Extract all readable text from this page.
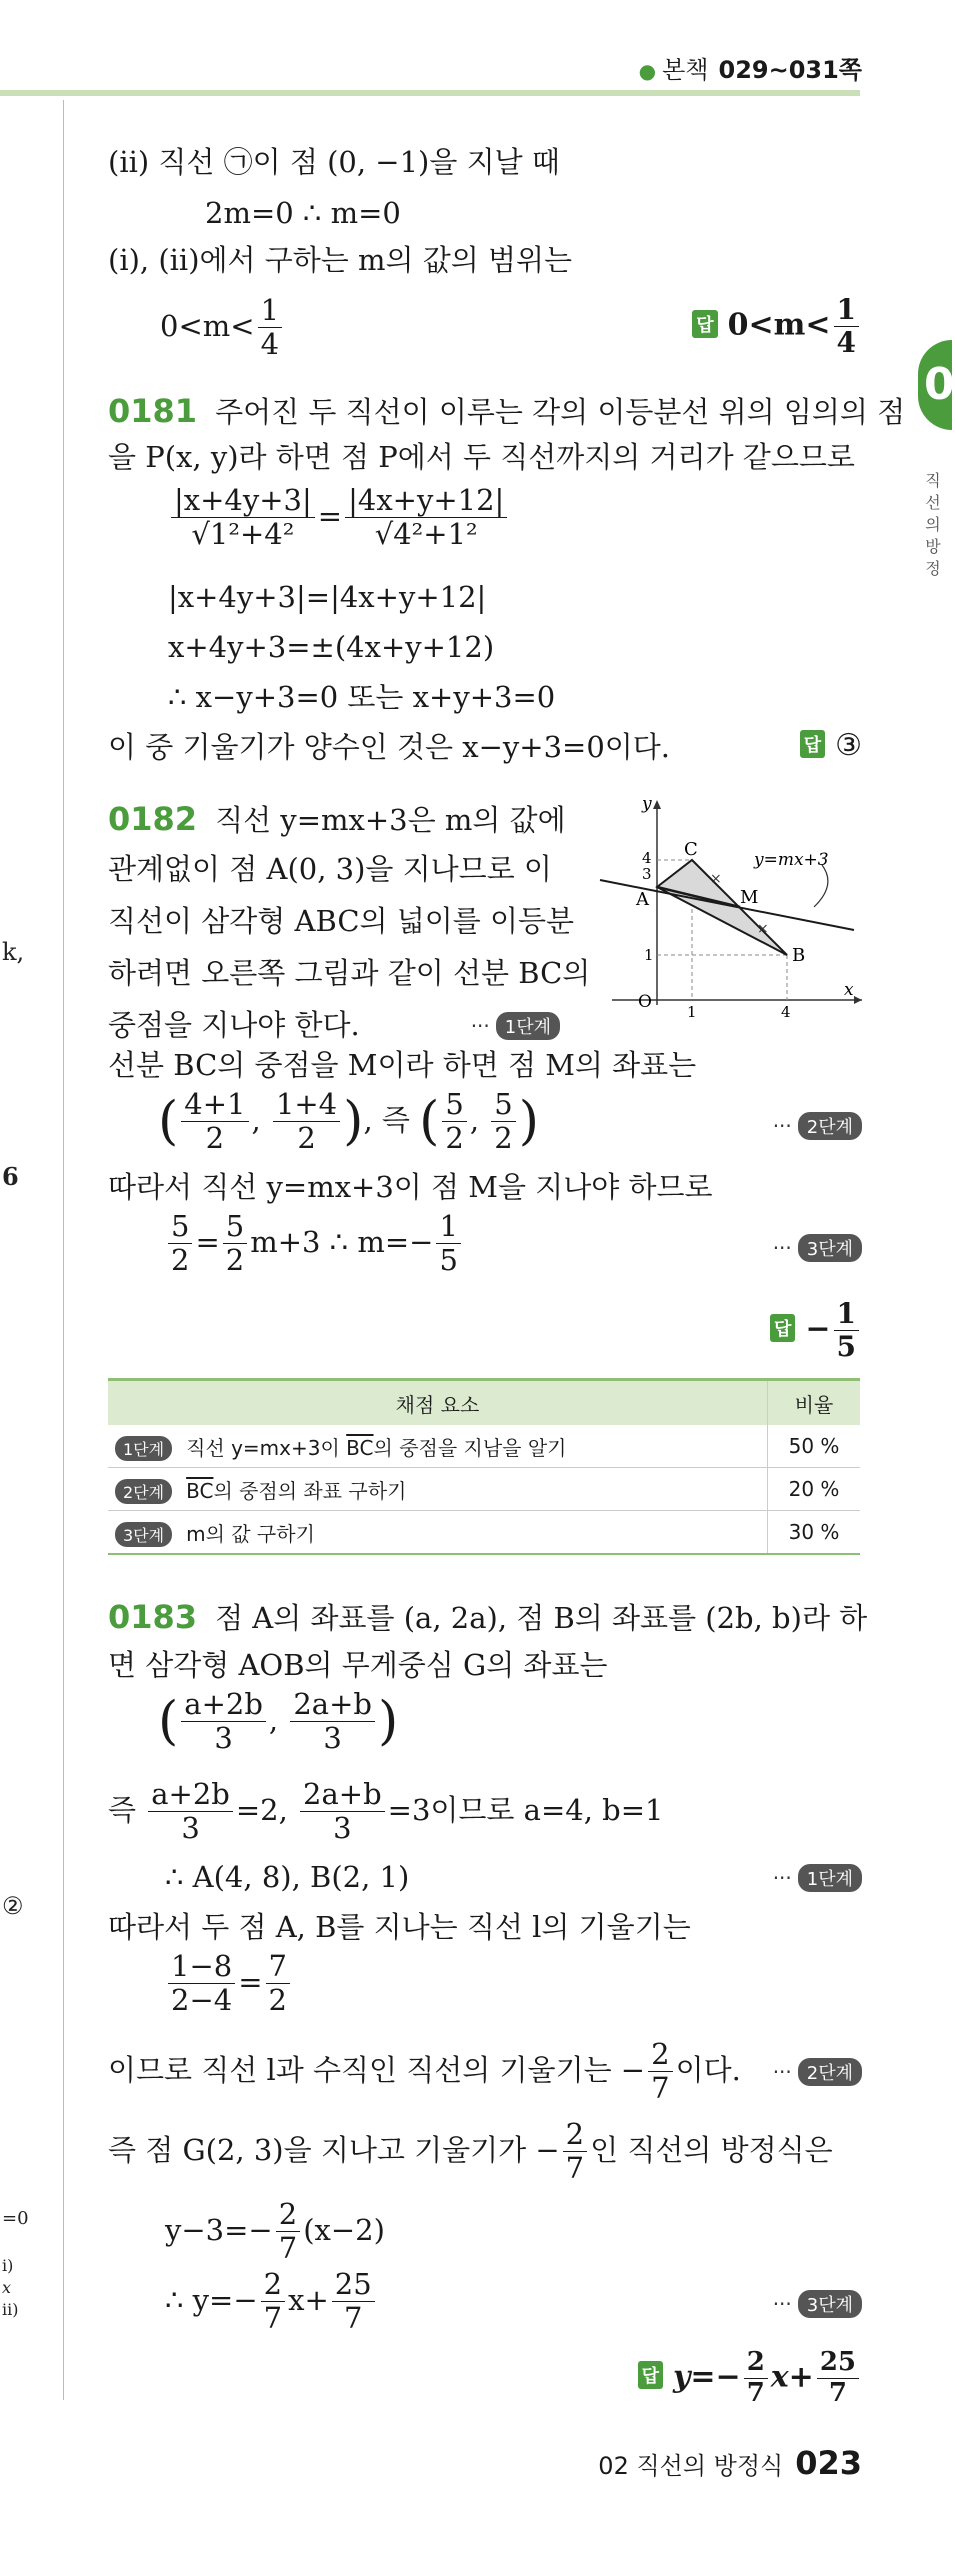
● 본책 029~031쪽
0
직선의방정
k,
6
②
=0
i)
x
ii)
(ii) 직선 ㉠이 점 (0, −1)을 지날 때
2m=0 ∴ m=0
(i), (ii)에서 구하는 m의 값의 범위는
$0<m< \frac{1}{4}$	답 $0<m< \frac{1}{4}$
0181 주어진 두 직선이 이루는 각의 이등분선 위의 임의의 점
을 P(x, y)라 하면 점 P에서 두 직선까지의 거리가 같으므로
$\frac{|x+4y+3|}{\text{√1²+4²}} = \frac{|4x+y+12|}{\text{√4²+1²}}$
|x+4y+3|=|4x+y+12|
x+4y+3=±(4x+y+12)
∴ x−y+3=0 또는 x+y+3=0
이 중 기울기가 양수인 것은 x−y+3=0이다.	답 ③
0182 직선 y=mx+3은 m의 값에
관계없이 점 A(0, 3)을 지나므로 이
직선이 삼각형 ABC의 넓이를 이등분
하려면 오른쪽 그림과 같이 선분 BC의
중점을 지나야 한다.	··· 1단계
×
×
y
x
O 1	4
1
3
4
A
B
C
M
y=mx+3
선분 BC의 중점을 M이라 하면 점 M의 좌표는
( $\frac{4+1}{2}$ , $\frac{1+4}{2}$ ), 즉 ( $\frac{5}{2}$ , $\frac{5}{2}$ )	··· 2단계
따라서 직선 y=mx+3이 점 M을 지나야 하므로
$\frac{5}{2} = \frac{5}{2} m+3$ ∴ $m=- \frac{1}{5}$	··· 3단계
답 − $\frac{1}{5}$
채점 요소	비율
1단계 직선 y=mx+3이 $\overline{BC}$의 중점을 지남을 알기	50 %
2단계 $\overline{BC}$의 중점의 좌표 구하기	20 %
3단계 m의 값 구하기	30 %
0183 점 A의 좌표를 (a, 2a), 점 B의 좌표를 (2b, b)라 하
면 삼각형 AOB의 무게중심 G의 좌표는
( $\frac{a+2b}{3}$ , $\frac{2a+b}{3}$ )
즉 $\frac{a+2b}{3} =2$, $\frac{2a+b}{3} =3$이므로 a=4, b=1
∴ A(4, 8), B(2, 1)	··· 1단계
따라서 두 점 A, B를 지나는 직선 l의 기울기는
$\frac{1-8}{2-4} = \frac{7}{2}$
이므로 직선 l과 수직인 직선의 기울기는 − $\frac{2}{7}$ 이다. ··· 2단계
즉 점 G(2, 3)을 지나고 기울기가 − $\frac{2}{7}$ 인 직선의 방정식은
$y-3=- \frac{2}{7} (x-2)$
∴ $y=- \frac{2}{7} x+ \frac{25}{7}$	··· 3단계
답 $y=- \frac{2}{7} x+ \frac{25}{7}$
02 직선의 방정식 023
